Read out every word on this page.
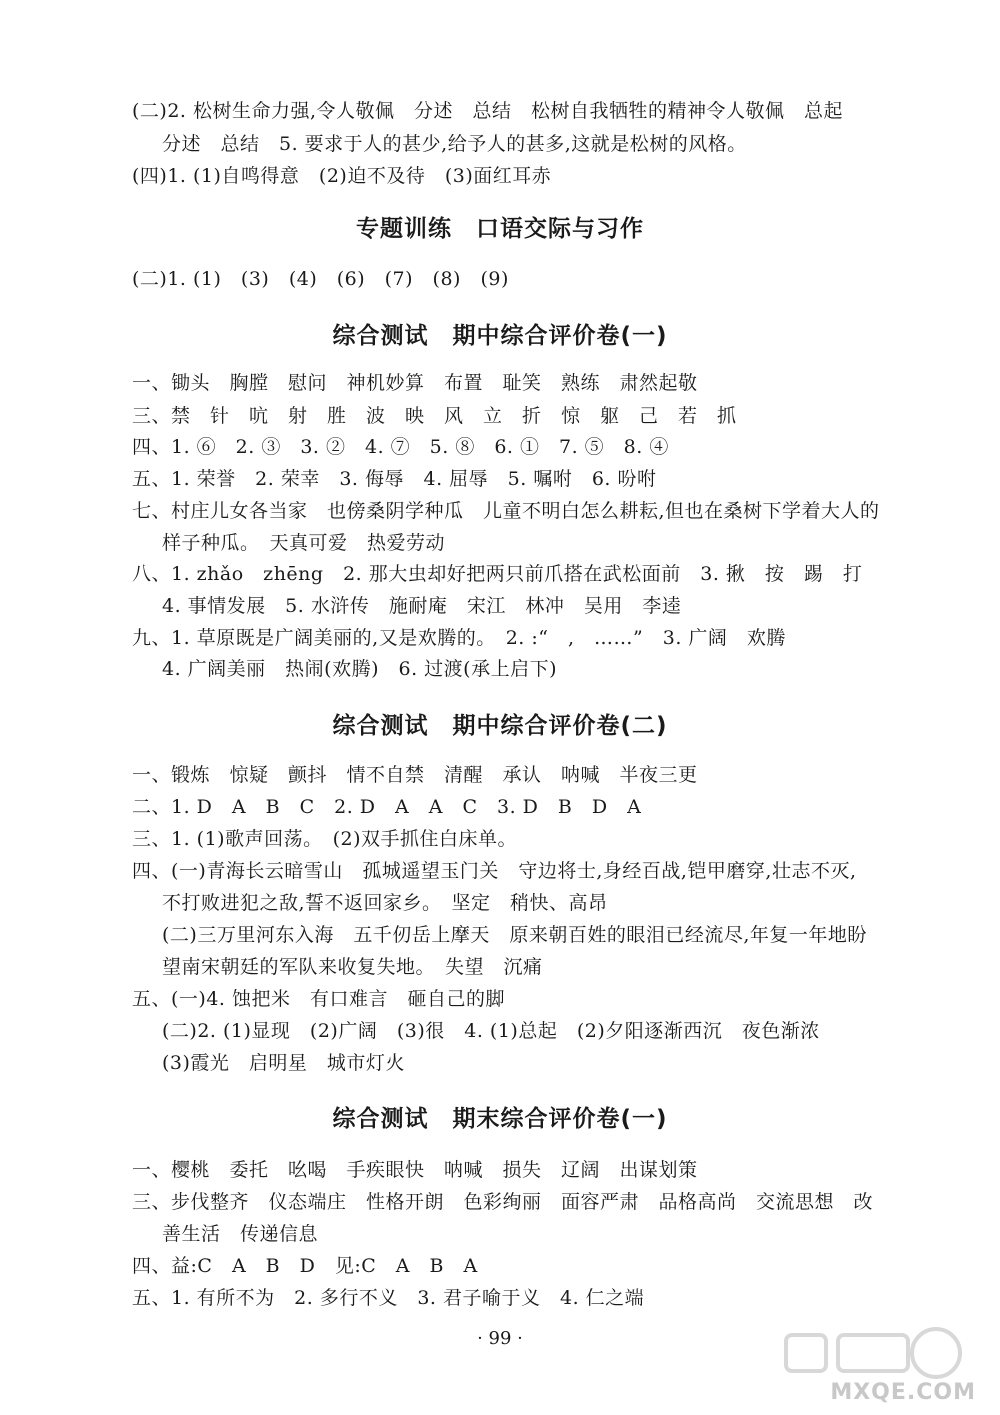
(二)2. 松树生命力强,令人敬佩　分述　总结　松树自我牺牲的精神令人敬佩　总起
分述　总结　5. 要求于人的甚少,给予人的甚多,这就是松树的风格。
(四)1. (1)自鸣得意　(2)迫不及待　(3)面红耳赤
专题训练　口语交际与习作
(二)1. (1)　(3)　(4)　(6)　(7)　(8)　(9)
综合测试　期中综合评价卷(一)
一、锄头　胸膛　慰问　神机妙算　布置　耻笑　熟练　肃然起敬
三、禁　针　吭　射　胜　波　映　风　立　折　惊　躯　己　若　抓
四、1. ⑥　2. ③　3. ②　4. ⑦　5. ⑧　6. ①　7. ⑤　8. ④
五、1. 荣誉　2. 荣幸　3. 侮辱　4. 屈辱　5. 嘱咐　6. 吩咐
七、村庄儿女各当家　也傍桑阴学种瓜　儿童不明白怎么耕耘,但也在桑树下学着大人的
样子种瓜。　天真可爱　热爱劳动
八、1. zhǎo　zhēng　2. 那大虫却好把两只前爪搭在武松面前　3. 揪　按　踢　打
4. 事情发展　5. 水浒传　施耐庵　宋江　林冲　吴用　李逵
九、1. 草原既是广阔美丽的,又是欢腾的。　2. :“　,　……”　3. 广阔　欢腾
4. 广阔美丽　热闹(欢腾)　6. 过渡(承上启下)
综合测试　期中综合评价卷(二)
一、锻炼　惊疑　颤抖　情不自禁　清醒　承认　呐喊　半夜三更
二、1. D　A　B　C　2. D　A　A　C　3. D　B　D　A
三、1. (1)歌声回荡。　(2)双手抓住白床单。
四、(一)青海长云暗雪山　孤城遥望玉门关　守边将士,身经百战,铠甲磨穿,壮志不灭,
不打败进犯之敌,誓不返回家乡。　坚定　稍快、高昂
(二)三万里河东入海　五千仞岳上摩天　原来朝百姓的眼泪已经流尽,年复一年地盼
望南宋朝廷的军队来收复失地。　失望　沉痛
五、(一)4. 蚀把米　有口难言　砸自己的脚
(二)2. (1)显现　(2)广阔　(3)很　4. (1)总起　(2)夕阳逐渐西沉　夜色渐浓
(3)霞光　启明星　城市灯火
综合测试　期末综合评价卷(一)
一、樱桃　委托　吆喝　手疾眼快　呐喊　损失　辽阔　出谋划策
三、步伐整齐　仪态端庄　性格开朗　色彩绚丽　面容严肃　品格高尚　交流思想　改
善生活　传递信息
四、益:C　A　B　D　见:C　A　B　A
五、1. 有所不为　2. 多行不义　3. 君子喻于义　4. 仁之端
· 99 ·
MXQE.COM
